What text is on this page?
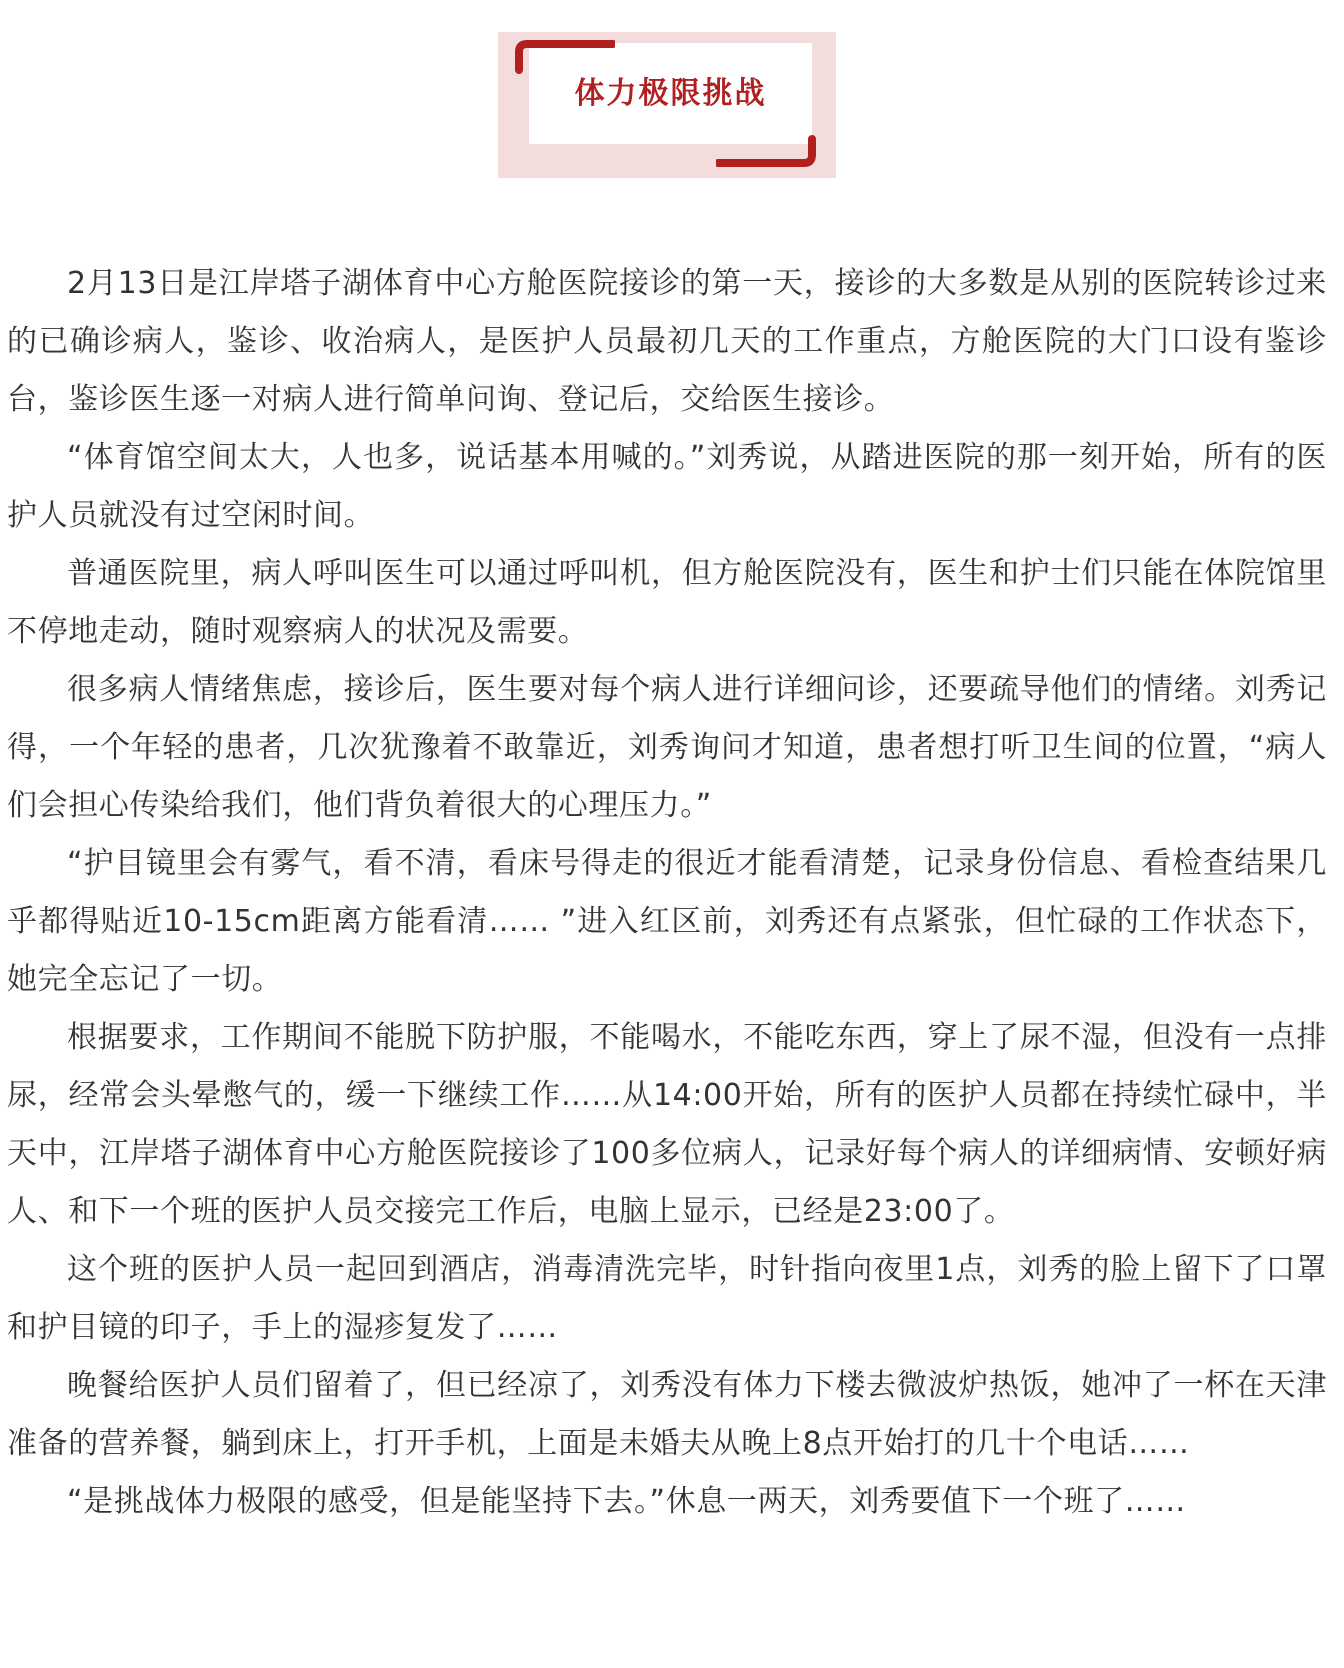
体力极限挑战

2月13日是江岸塔子湖体育中心方舱医院接诊的第一天，接诊的大多数是从别的医院转诊过来的已确诊病人，鉴诊、收治病人，是医护人员最初几天的工作重点，方舱医院的大门口设有鉴诊台，鉴诊医生逐一对病人进行简单问询、登记后，交给医生接诊。

“体育馆空间太大，人也多，说话基本用喊的。”刘秀说，从踏进医院的那一刻开始，所有的医护人员就没有过空闲时间。

普通医院里，病人呼叫医生可以通过呼叫机，但方舱医院没有，医生和护士们只能在体院馆里不停地走动，随时观察病人的状况及需要。

很多病人情绪焦虑，接诊后，医生要对每个病人进行详细问诊，还要疏导他们的情绪。刘秀记得，一个年轻的患者，几次犹豫着不敢靠近，刘秀询问才知道，患者想打听卫生间的位置，“病人们会担心传染给我们，他们背负着很大的心理压力。”

“护目镜里会有雾气，看不清，看床号得走的很近才能看清楚，记录身份信息、看检查结果几乎都得贴近10-15cm距离方能看清…… ”进入红区前，刘秀还有点紧张，但忙碌的工作状态下，她完全忘记了一切。

根据要求，工作期间不能脱下防护服，不能喝水，不能吃东西，穿上了尿不湿，但没有一点排尿，经常会头晕憋气的，缓一下继续工作……从14:00开始，所有的医护人员都在持续忙碌中，半天中，江岸塔子湖体育中心方舱医院接诊了100多位病人，记录好每个病人的详细病情、安顿好病人、和下一个班的医护人员交接完工作后，电脑上显示，已经是23:00了。

这个班的医护人员一起回到酒店，消毒清洗完毕，时针指向夜里1点，刘秀的脸上留下了口罩和护目镜的印子，手上的湿疹复发了……

晚餐给医护人员们留着了，但已经凉了，刘秀没有体力下楼去微波炉热饭，她冲了一杯在天津准备的营养餐，躺到床上，打开手机，上面是未婚夫从晚上8点开始打的几十个电话……

“是挑战体力极限的感受，但是能坚持下去。”休息一两天，刘秀要值下一个班了……
